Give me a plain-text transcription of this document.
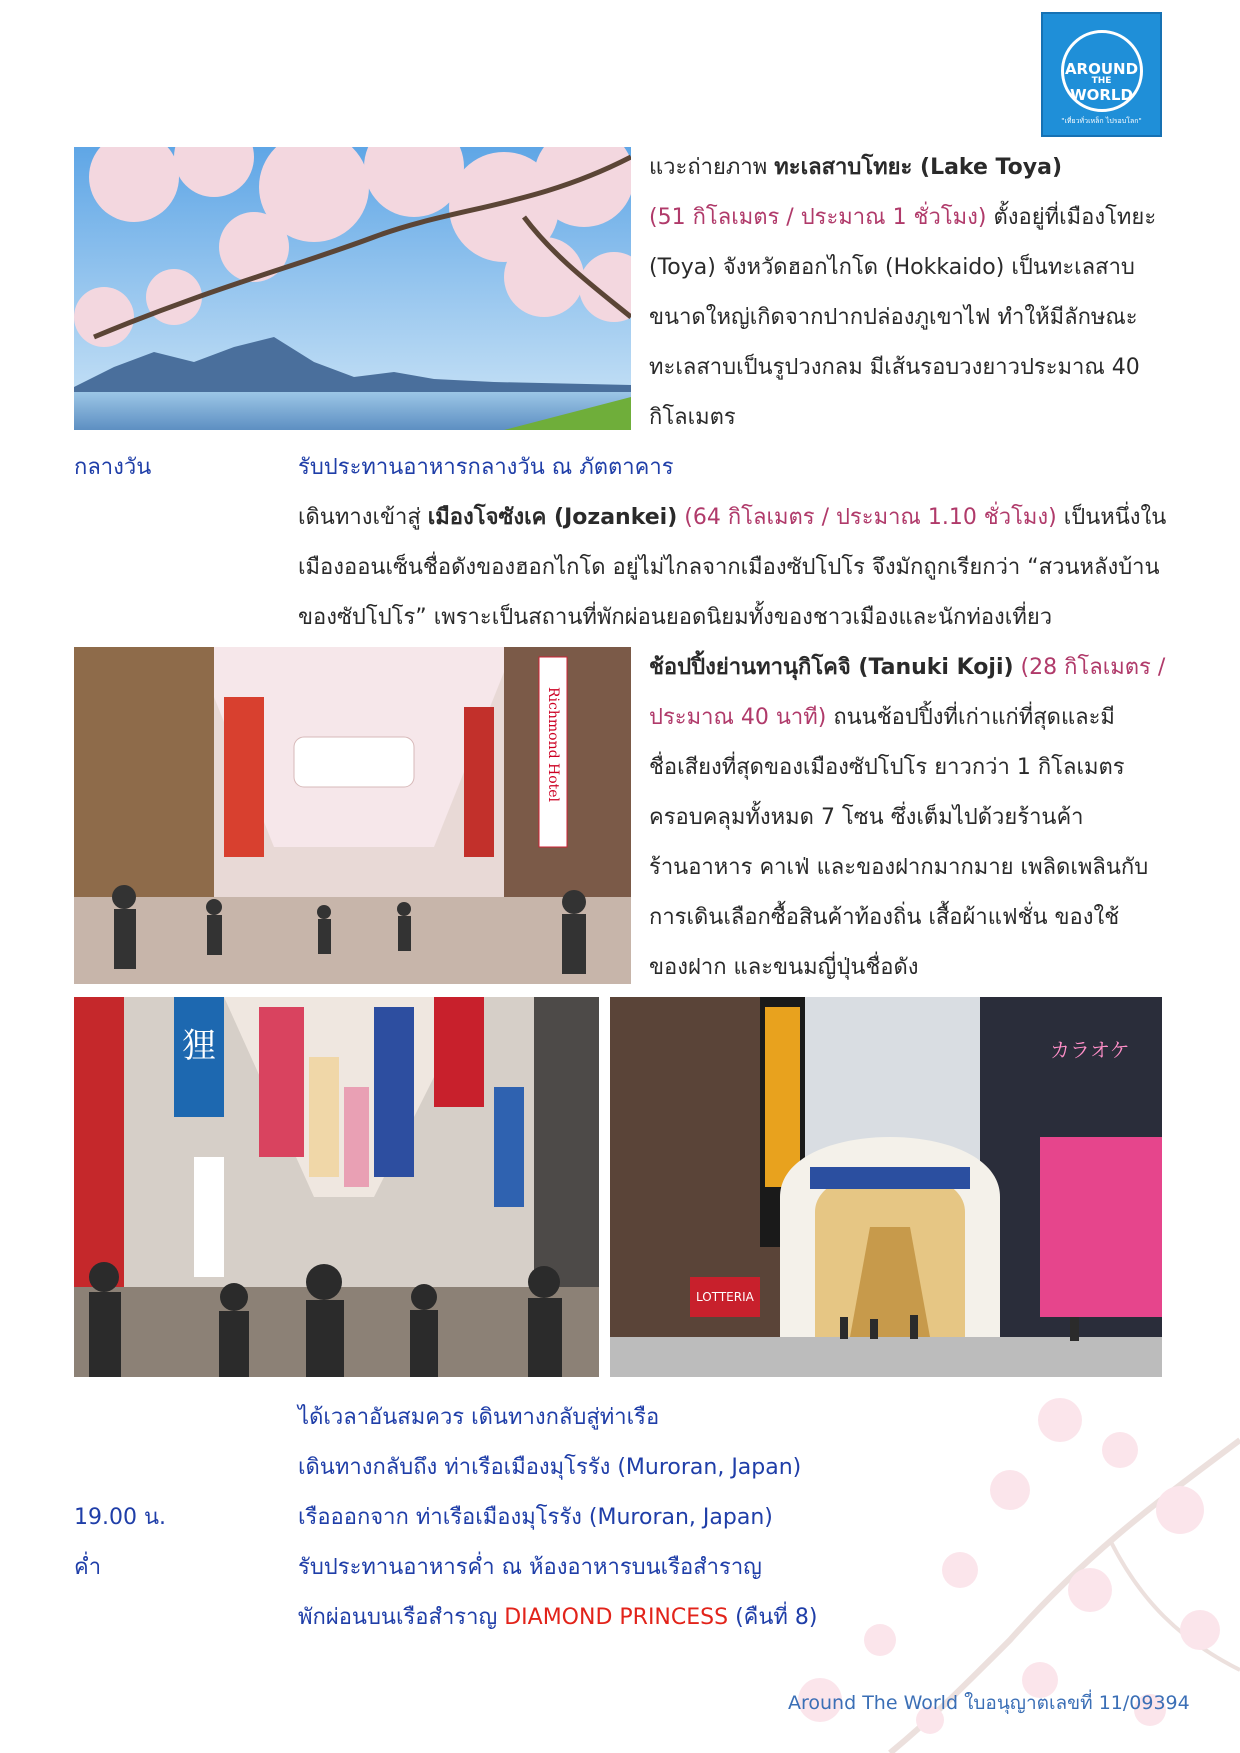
AROUND
THE
WORLD
"เที่ยวทั่วเหล็ก ไปรอบโลก"
แวะถ่ายภาพ ทะเลสาบโทยะ (Lake Toya)
(51 กิโลเมตร / ประมาณ 1 ชั่วโมง) ตั้งอยู่ที่เมืองโทยะ
(Toya) จังหวัดฮอกไกโด (Hokkaido) เป็นทะเลสาบ
ขนาดใหญ่เกิดจากปากปล่องภูเขาไฟ ทำให้มีลักษณะ
ทะเลสาบเป็นรูปวงกลม มีเส้นรอบวงยาวประมาณ 40
กิโลเมตร
กลางวัน	รับประทานอาหารกลางวัน ณ ภัตตาคาร
เดินทางเข้าสู่ เมืองโจซังเค (Jozankei) (64 กิโลเมตร / ประมาณ 1.10 ชั่วโมง) เป็นหนึ่งใน
เมืองออนเซ็นชื่อดังของฮอกไกโด อยู่ไม่ไกลจากเมืองซัปโปโร จึงมักถูกเรียกว่า “สวนหลังบ้าน
ของซัปโปโร” เพราะเป็นสถานที่พักผ่อนยอดนิยมทั้งของชาวเมืองและนักท่องเที่ยว
Richmond Hotel
ช้อปปิ้งย่านทานุกิโคจิ (Tanuki Koji) (28 กิโลเมตร /
ประมาณ 40 นาที) ถนนช้อปปิ้งที่เก่าแก่ที่สุดและมี
ชื่อเสียงที่สุดของเมืองซัปโปโร ยาวกว่า 1 กิโลเมตร
ครอบคลุมทั้งหมด 7 โซน ซึ่งเต็มไปด้วยร้านค้า
ร้านอาหาร คาเฟ่ และของฝากมากมาย เพลิดเพลินกับ
การเดินเลือกซื้อสินค้าท้องถิ่น เสื้อผ้าแฟชั่น ของใช้
ของฝาก และขนมญี่ปุ่นชื่อดัง
狸	カラオケ
LOTTERIA
ได้เวลาอันสมควร เดินทางกลับสู่ท่าเรือ
เดินทางกลับถึง ท่าเรือเมืองมุโรรัง (Muroran, Japan)
19.00 น.	เรือออกจาก ท่าเรือเมืองมุโรรัง (Muroran, Japan)
ค่ำ	รับประทานอาหารค่ำ ณ ห้องอาหารบนเรือสำราญ
พักผ่อนบนเรือสำราญ DIAMOND PRINCESS (คืนที่ 8)
Around The World ใบอนุญาตเลขที่ 11/09394
